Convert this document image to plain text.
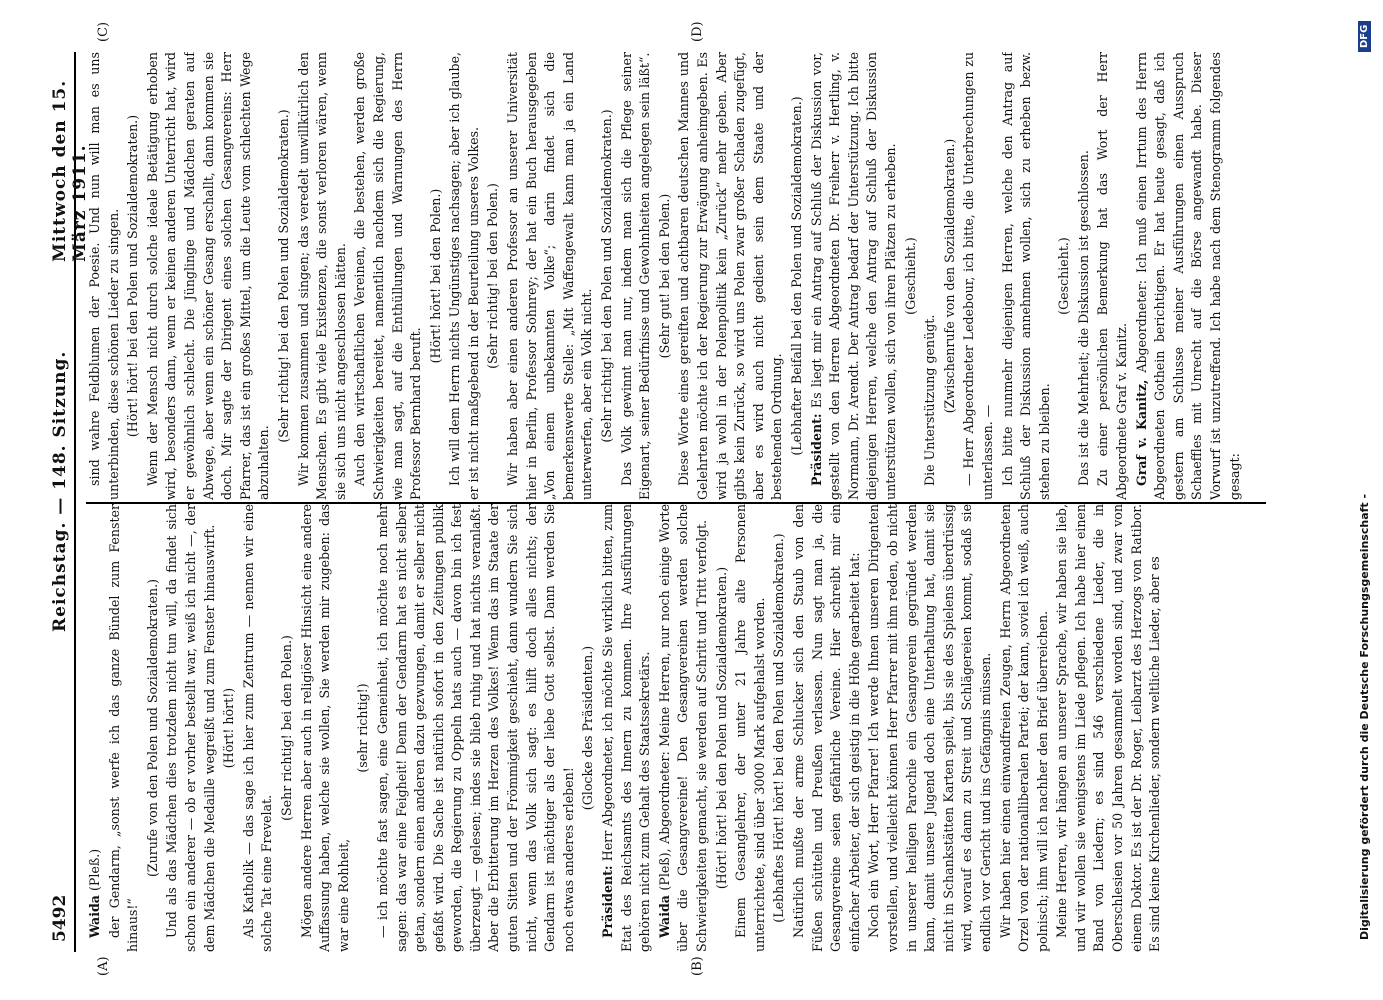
5492
Reichstag. — 148. Sitzung.
Mittwoch den 15. März 1911.
(A)	(B)
(C)	(D)

Waida (Pleß.) der Gendarm, „sonst werfe ich das ganze Bündel zum Fenster hinaus!“

(Zurufe von den Polen und Sozialdemokraten.) Und als das Mädchen dies trotzdem nicht tun will, da findet sich schon ein anderer — ob er vorher bestellt war, weiß ich nicht —, der dem Mädchen die Medaille wegreißt und zum Fenster hinauswirft. (Hört! hört!) Als Katholik — das sage ich hier zum Zentrum — nennen wir eine solche Tat eine Frevelat.

(Sehr richtig! bei den Polen.) Mögen andere Herren aber auch in religiöser Hinsicht eine andere Auffassung haben, welche sie wollen, Sie werden mir zugeben: das war eine Rohheit,

(sehr richtig!) — ich möchte fast sagen, eine Gemeinheit, ich möchte noch mehr sagen: das war eine Feigheit! Denn der Gendarm hat es nicht selber getan, sondern einen anderen dazu gezwungen, damit er selber nicht gefaßt wird. Die Sache ist natürlich sofort in den Zeitungen publik geworden, die Regierung zu Oppeln hats auch — davon bin ich fest überzeugt — gelesen; indes sie blieb ruhig und hat nichts veranlaßt. Aber die Erbitterung im Herzen des Volkes! Wenn das im Staate der guten Sitten und der Frömmigkeit geschieht, dann wundern Sie sich nicht, wenn das Volk sich sagt: es hilft doch alles nichts; der Gendarm ist mächtiger als der liebe Gott selbst. Dann werden Sie noch etwas anderes erleben!

(Glocke des Präsidenten.)

Präsident: Herr Abgeordneter, ich möchte Sie wirklich bitten, zum Etat des Reichsamts des Innern zu kommen. Ihre Ausführungen gehören nicht zum Gehalt des Staatssekretärs. Waida (Pleß), Abgeordneter: Meine Herren, nur noch einige Worte über die Gesangvereine! Den Gesangvereinen werden solche Schwierigkeiten gemacht, sie werden auf Schritt und Tritt verfolgt. (Hört! hört! bei den Polen und Sozialdemokraten.) Einem Gesanglehrer, der unter 21 Jahre alte Personen unterrichtete, sind über 3000 Mark aufgehalst worden. (Lebhaftes Hört! hört! bei den Polen und Sozialdemokraten.) Natürlich mußte der arme Schlucker sich den Staub von den Füßen schütteln und Preußen verlassen. Nun sagt man ja, die Gesangvereine seien gefährliche Vereine. Hier schreibt mir ein einfacher Arbeiter, der sich geistig in die Höhe gearbeitet hat: Noch ein Wort, Herr Pfarrer! Ich werde Ihnen unseren Dirigenten vorstellen, und vielleicht können Herr Pfarrer mit ihm reden, ob nicht in unserer heiligen Parochie ein Gesangverein gegründet werden kann, damit unsere Jugend doch eine Unterhaltung hat, damit sie nicht in Schankstätten Karten spielt, bis sie des Spielens überdrüssig wird, worauf es dann zu Streit und Schlägereien kommt, sodaß sie endlich vor Gericht und ins Gefängnis müssen. Wir haben hier einen einwandfreien Zeugen, Herrn Abgeordneten Orzel von der nationalliberalen Partei; der kann, soviel ich weiß, auch polnisch; ihm will ich nachher den Brief überreichen. Meine Herren, wir hängen an unserer Sprache, wir haben sie lieb, und wir wollen sie wenigstens im Liede pflegen. Ich habe hier einen Band von Liedern; es sind 546 verschiedene Lieder, die in Oberschlesien vor 50 Jahren gesammelt worden sind, und zwar von einem Doktor. Es ist der Dr. Roger, Leibarzt des Herzogs von Ratibor. Es sind keine Kirchenlieder, sondern weltliche Lieder, aber es

sind wahre Feldblumen der Poesie. Und nun will man es uns unterbinden, diese schönen Lieder zu singen. (Hört! hört! bei den Polen und Sozialdemokraten.) Wenn der Mensch nicht durch solche ideale Betätigung erhoben wird, besonders dann, wenn er keinen anderen Unterricht hat, wird er gewöhnlich schlecht. Die Jünglinge und Mädchen geraten auf Abwege, aber wenn ein schöner Gesang erschallt, dann kommen sie doch. Mir sagte der Dirigent eines solchen Gesangvereins: Herr Pfarrer, das ist ein großes Mittel, um die Leute vom schlechten Wege abzuhalten.

(Sehr richtig! bei den Polen und Sozialdemokraten.) Wir kommen zusammen und singen; das veredelt unwillkürlich den Menschen. Es gibt viele Existenzen, die sonst verloren wären, wenn sie sich uns nicht angeschlossen hätten. Auch den wirtschaftlichen Vereinen, die bestehen, werden große Schwierigkeiten bereitet, namentlich nachdem sich die Regierung, wie man sagt, auf die Enthüllungen und Warnungen des Herrn Professor Bernhard beruft.

(Hört! hört! bei den Polen.) Ich will dem Herrn nichts Ungünstiges nachsagen; aber ich glaube, er ist nicht maßgebend in der Beurteilung unseres Volkes. (Sehr richtig! bei den Polen.) Wir haben aber einen anderen Professor an unserer Universität hier in Berlin, Professor Sohnrey; der hat ein Buch herausgegeben „Von einem unbekannten Volke“; darin findet sich die bemerkenswerte Stelle: „Mit Waffengewalt kann man ja ein Land unterwerfen, aber ein Volk nicht. (Sehr richtig! bei den Polen und Sozialdemokraten.) Das Volk gewinnt man nur, indem man sich die Pflege seiner Eigenart, seiner Bedürfnisse und Gewohnheiten angelegen sein läßt“. (Sehr gut! bei den Polen.) Diese Worte eines gereiften und achtbaren deutschen Mannes und Gelehrten möchte ich der Regierung zur Erwägung anheimgeben. Es wird ja wohl in der Polenpolitik kein „Zurück“ mehr geben. Aber gibts kein Zurück, so wird uns Polen zwar großer Schaden zugefügt, aber es wird auch nicht gedient sein dem Staate und der bestehenden Ordnung. (Lebhafter Beifall bei den Polen und Sozialdemokraten.) Präsident: Es liegt mir ein Antrag auf Schluß der Diskussion vor, gestellt von den Herren Abgeordneten Dr. Freiherr v. Hertling, v. Normann, Dr. Arendt. Der Antrag bedarf der Unterstützung. Ich bitte diejenigen Herren, welche den Antrag auf Schluß der Diskussion unterstützen wollen, sich von ihren Plätzen zu erheben. (Geschieht.)

Die Unterstützung genügt. (Zwischenrufe von den Sozialdemokraten.) — Herr Abgeordneter Ledebour, ich bitte, die Unterbrechungen zu unterlassen. — Ich bitte nunmehr diejenigen Herren, welche den Antrag auf Schluß der Diskussion annehmen wollen, sich zu erheben bezw. stehen zu bleiben.

(Geschieht.) Das ist die Mehrheit; die Diskussion ist geschlossen. Zu einer persönlichen Bemerkung hat das Wort der Herr Abgeordnete Graf v. Kanitz. Graf v. Kanitz, Abgeordneter: Ich muß einen Irrtum des Herrn Abgeordneten Gothein berichtigen. Er hat heute gesagt, daß ich gestern am Schlusse meiner Ausführungen einen Ausspruch Schaeffles mit Unrecht auf die Börse angewandt habe. Dieser Vorwurf ist unzutreffend. Ich habe nach dem Stenogramm folgendes gesagt:

Digitalisierung gefördert durch die Deutsche Forschungsgemeinschaft -
DFG
